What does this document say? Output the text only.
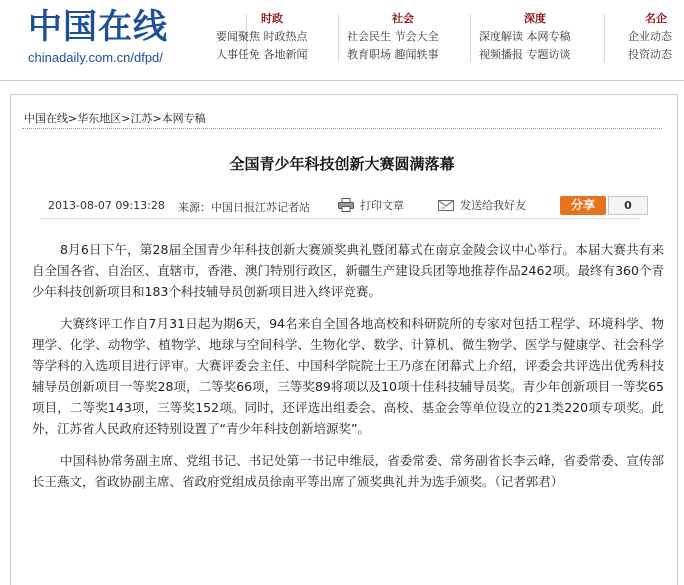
中国在线
chinadaily.com.cn/dfpd/
时政
要闻聚焦 时政热点
人事任免 各地新闻
社会
社会民生 节会大全
教育职场 趣闻轶事
深度
深度解读 本网专稿
视频播报 专题访谈
名企
企业动态
投资动态
中国在线>华东地区>江苏>本网专稿
全国青少年科技创新大赛圆满落幕
2013-08-07 09:13:28 来源：中国日报江苏记者站	打印文章	发送给我好友	分享	0

8月6日下午，第28届全国青少年科技创新大赛颁奖典礼暨闭幕式在南京金陵会议中心举行。本届大赛共有来自全国各省、自治区、直辖市，香港、澳门特别行政区，新疆生产建设兵团等地推荐作品2462项。最终有360个青少年科技创新项目和183个科技辅导员创新项目进入终评竞赛。

大赛终评工作自7月31日起为期6天，94名来自全国各地高校和科研院所的专家对包括工程学、环境科学、物理学、化学、动物学、植物学、地球与空间科学、生物化学、数学、计算机、微生物学、医学与健康学、社会科学等学科的入选项目进行评审。大赛评委会主任、中国科学院院士王乃彦在闭幕式上介绍，评委会共评选出优秀科技辅导员创新项目一等奖28项，二等奖66项，三等奖89将项以及10项十佳科技辅导员奖。青少年创新项目一等奖65项目，二等奖143项，三等奖152项。同时，还评选出组委会、高校、基金会等单位设立的21类220项专项奖。此外，江苏省人民政府还特别设置了“青少年科技创新培源奖”。

中国科协常务副主席、党组书记、书记处第一书记申维辰，省委常委、常务副省长李云峰，省委常委、宣传部长王燕文，省政协副主席、省政府党组成员徐南平等出席了颁奖典礼并为选手颁奖。（记者郭君）
